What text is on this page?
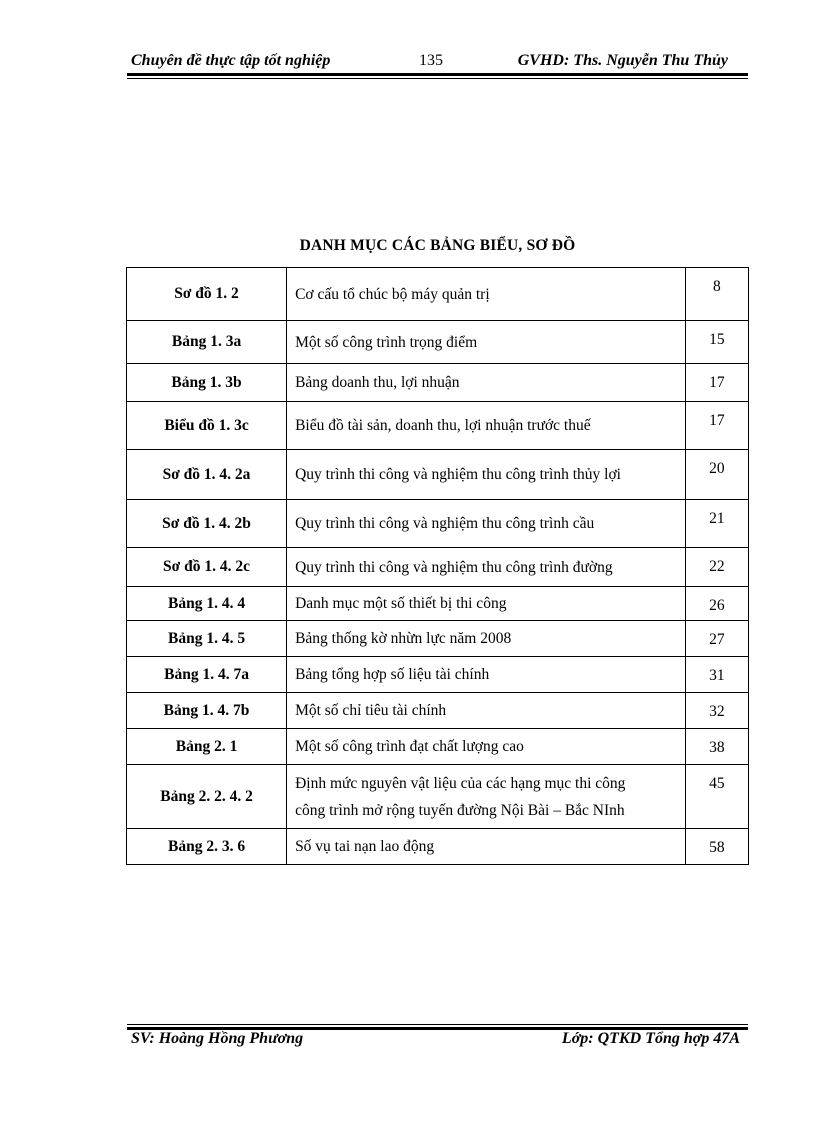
Chuyên đề thực tập tốt nghiệp	135	GVHD: Ths. Nguyễn Thu Thủy
DANH MỤC CÁC BẢNG BIỂU, SƠ ĐỒ
Sơ đồ 1. 2	Cơ cấu tổ chúc bộ máy quản trị	8
Bảng 1. 3a	Một số công trình trọng điểm	15
Bảng 1. 3b	Bảng doanh thu, lợi nhuận	17
Biểu đồ 1. 3c	Biểu đồ tài sản, doanh thu, lợi nhuận trước thuế	17
Sơ đồ 1. 4. 2a	Quy trình thi công và nghiệm thu công trình thủy lợi	20
Sơ đồ 1. 4. 2b	Quy trình thi công và nghiệm thu công trình cầu	21
Sơ đồ 1. 4. 2c	Quy trình thi công và nghiệm thu công trình đường	22
Bảng 1. 4. 4	Danh mục một số thiết bị thi công	26
Bảng 1. 4. 5	Bảng thống kờ nhừn lực năm 2008	27
Bảng 1. 4. 7a	Bảng tổng hợp số liệu tài chính	31
Bảng 1. 4. 7b	Một số chỉ tiêu tài chính	32
Bảng 2. 1	Một số công trình đạt chất lượng cao	38
Bảng 2. 2. 4. 2	Định mức nguyên vật liệu của các hạng mục thi công
công trình mở rộng tuyến đường Nội Bài – Bắc NInh	45
Bảng 2. 3. 6	Số vụ tai nạn lao động	58
SV: Hoàng Hồng Phương	Lớp: QTKD Tổng hợp 47A
